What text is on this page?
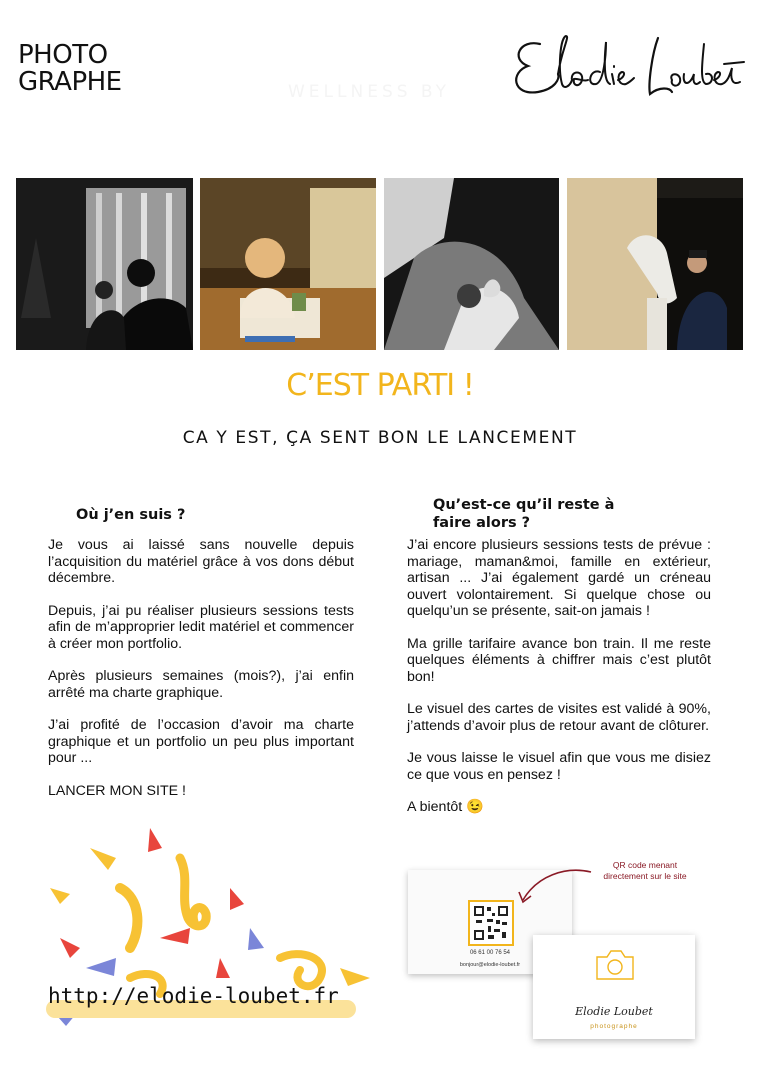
PHOTO
GRAPHE	WELLNESS BY
Elodie Loubet
C’EST PARTI !
CA Y EST, ÇA SENT BON LE LANCEMENT
Où j’en suis ?

Je vous ai laissé sans nouvelle depuis l’acquisition du matériel grâce à vos dons début décembre.

Depuis, j’ai pu réaliser plusieurs sessions tests afin de m’approprier ledit matériel et commencer à créer mon portfolio.

Après plusieurs semaines (mois?), j’ai enfin arrêté ma charte graphique.

J’ai profité de l’occasion d’avoir ma charte graphique et un portfolio un peu plus important pour ...

LANCER MON SITE !

Qu’est-ce qu’il reste à
faire alors ?

J’ai encore plusieurs sessions tests de prévue : mariage, maman&moi, famille en extérieur, artisan ... J’ai également gardé un créneau ouvert volontairement. Si quelque chose ou quelqu’un se présente, sait-on jamais !

Ma grille tarifaire avance bon train. Il me reste quelques éléments à chiffrer mais c’est plutôt bon!

Le visuel des cartes de visites est validé à 90%, j’attends d’avoir plus de retour avant de clôturer.

Je vous laisse le visuel afin que vous me disiez ce que vous en pensez !

A bientôt 😉

http://elodie-loubet.fr
06 61 00 76 54
bonjour@elodie-loubet.fr
Elodie Loubet
photographe
QR code menant
directement sur le site
